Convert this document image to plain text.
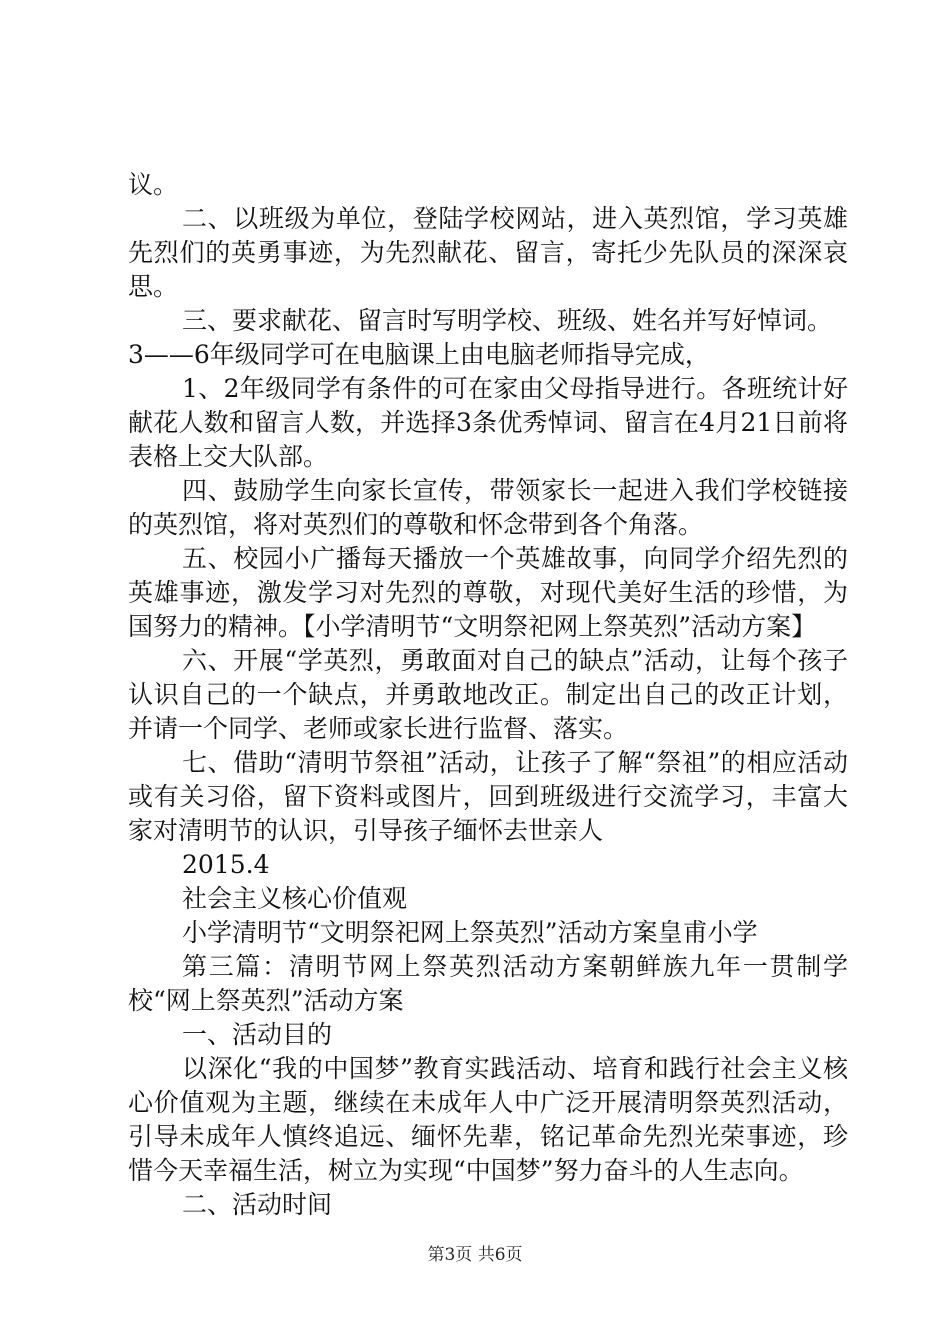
议。

二、以班级为单位，登陆学校网站，进入英烈馆，学习英雄先烈们的英勇事迹，为先烈献花、留言，寄托少先队员的深深哀思。

三、要求献花、留言时写明学校、班级、姓名并写好悼词。

3——6年级同学可在电脑课上由电脑老师指导完成，

1、2年级同学有条件的可在家由父母指导进行。各班统计好献花人数和留言人数，并选择3条优秀悼词、留言在4月21日前将表格上交大队部。

四、鼓励学生向家长宣传，带领家长一起进入我们学校链接的英烈馆，将对英烈们的尊敬和怀念带到各个角落。

五、校园小广播每天播放一个英雄故事，向同学介绍先烈的英雄事迹，激发学习对先烈的尊敬，对现代美好生活的珍惜，为国努力的精神。【小学清明节“文明祭祀网上祭英烈”活动方案】

六、开展“学英烈，勇敢面对自己的缺点”活动，让每个孩子认识自己的一个缺点，并勇敢地改正。制定出自己的改正计划，并请一个同学、老师或家长进行监督、落实。

七、借助“清明节祭祖”活动，让孩子了解“祭祖”的相应活动或有关习俗，留下资料或图片，回到班级进行交流学习，丰富大家对清明节的认识，引导孩子缅怀去世亲人

2015.4

社会主义核心价值观

小学清明节“文明祭祀网上祭英烈”活动方案皇甫小学

第三篇：清明节网上祭英烈活动方案朝鲜族九年一贯制学校“网上祭英烈”活动方案

一、活动目的

以深化“我的中国梦”教育实践活动、培育和践行社会主义核心价值观为主题，继续在未成年人中广泛开展清明祭英烈活动，引导未成年人慎终追远、缅怀先辈，铭记革命先烈光荣事迹，珍惜今天幸福生活，树立为实现“中国梦”努力奋斗的人生志向。

二、活动时间

第3页 共6页
